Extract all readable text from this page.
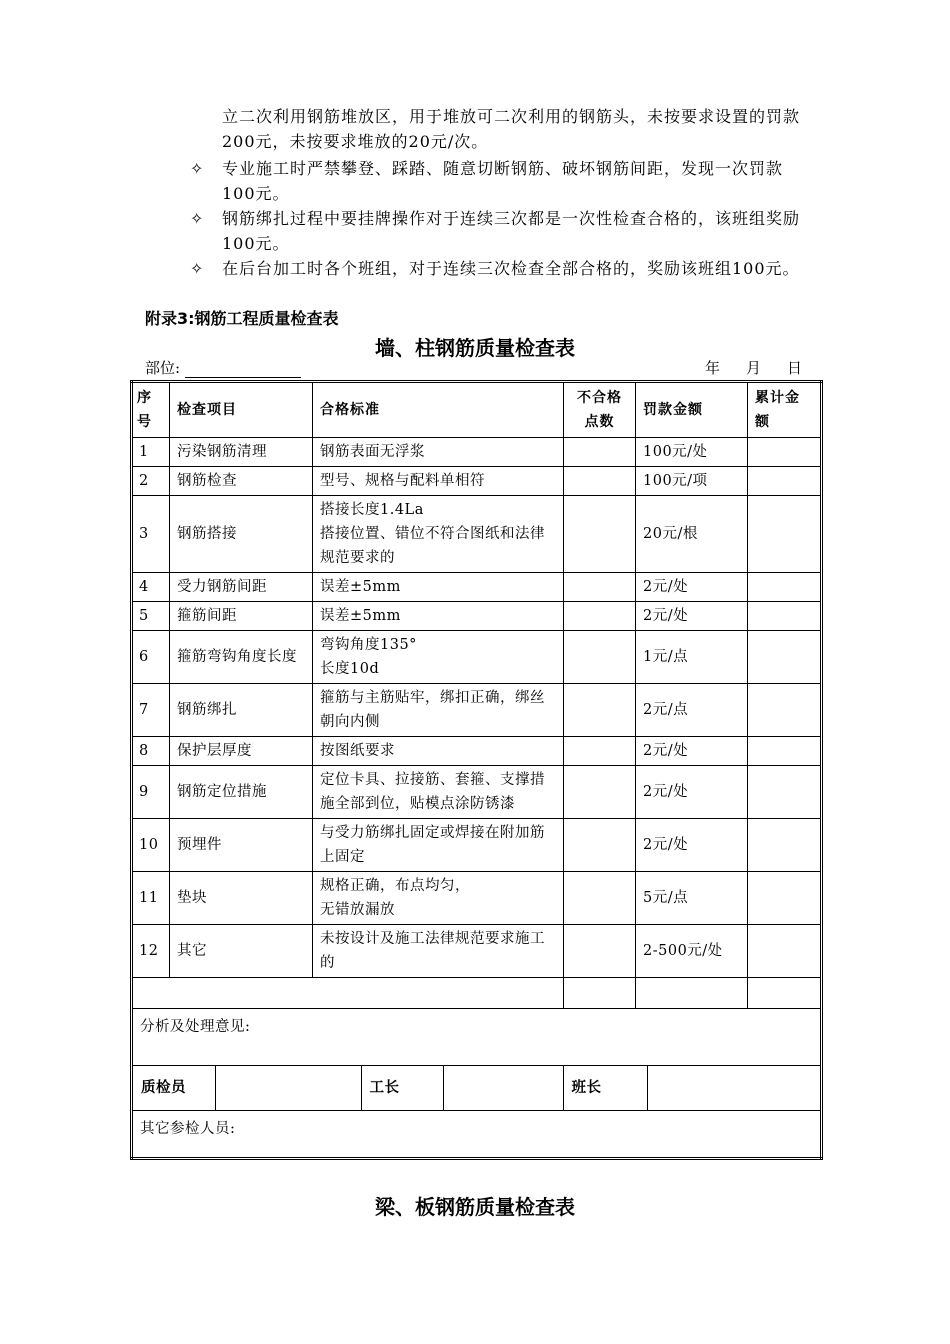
立二次利用钢筋堆放区，用于堆放可二次利用的钢筋头，未按要求设置的罚款200元，未按要求堆放的20元/次。
✧ 专业施工时严禁攀登、踩踏、随意切断钢筋、破坏钢筋间距，发现一次罚款100元。
✧ 钢筋绑扎过程中要挂牌操作对于连续三次都是一次性检查合格的，该班组奖励100元。
✧ 在后台加工时各个班组，对于连续三次检查全部合格的，奖励该班组100元。
附录3:钢筋工程质量检查表
墙、柱钢筋质量检查表
部位:	年 月 日
序号	检查项目	合格标准	不合格点数	罚款金额	累计金额
1	污染钢筋清理	钢筋表面无浮浆		100元/处	
2	钢筋检查	型号、规格与配料单相符		100元/项	
3	钢筋搭接	搭接长度1.4La
搭接位置、错位不符合图纸和法律规范要求的		20元/根	
4	受力钢筋间距	误差±5mm		2元/处	
5	箍筋间距	误差±5mm		2元/处	
6	箍筋弯钩角度长度	弯钩角度135°
长度10d		1元/点	
7	钢筋绑扎	箍筋与主筋贴牢，绑扣正确，绑丝朝向内侧		2元/点	
8	保护层厚度	按图纸要求		2元/处	
9	钢筋定位措施	定位卡具、拉接筋、套箍、支撑措施全部到位，贴模点涂防锈漆		2元/处	
10	预埋件	与受力筋绑扎固定或焊接在附加筋上固定		2元/处	
11	垫块	规格正确，布点均匀，
无错放漏放		5元/点	
12	其它	未按设计及施工法律规范要求施工的		2-500元/处	

分析及处理意见:

质检员		工长		班长	

其它参检人员:
梁、板钢筋质量检查表
